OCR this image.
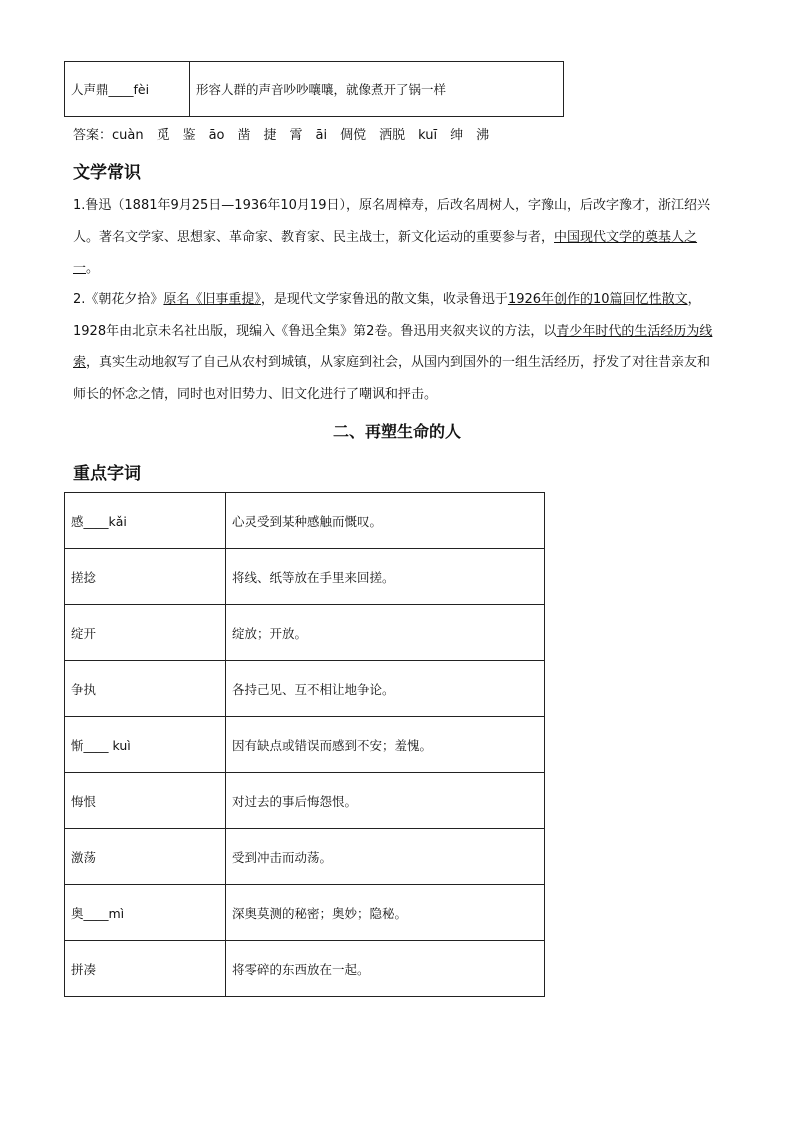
人声鼎____fèi	形容人群的声音吵吵嚷嚷，就像煮开了锅一样
答案：cuàn　觅　鉴　āo　凿　捷　霄　āi　倜傥　洒脱　kuī　绅　沸
文学常识

1.鲁迅（1881年9月25日—1936年10月19日），原名周樟寿，后改名周树人，字豫山，后改字豫才，浙江绍兴人。著名文学家、思想家、革命家、教育家、民主战士，新文化运动的重要参与者，中国现代文学的奠基人之一。

2.《朝花夕拾》原名《旧事重提》，是现代文学家鲁迅的散文集，收录鲁迅于1926年创作的10篇回忆性散文，1928年由北京未名社出版，现编入《鲁迅全集》第2卷。鲁迅用夹叙夹议的方法，以青少年时代的生活经历为线索，真实生动地叙写了自己从农村到城镇，从家庭到社会，从国内到国外的一组生活经历，抒发了对往昔亲友和师长的怀念之情，同时也对旧势力、旧文化进行了嘲讽和抨击。

二、再塑生命的人
重点字词
感____kǎi	心灵受到某种感触而慨叹。
搓捻	将线、纸等放在手里来回搓。
绽开	绽放；开放。
争执	各持己见、互不相让地争论。
惭____ kuì	因有缺点或错误而感到不安；羞愧。
悔恨	对过去的事后悔怨恨。
激荡	受到冲击而动荡。
奥____mì	深奥莫测的秘密；奥妙；隐秘。
拼凑	将零碎的东西放在一起。
